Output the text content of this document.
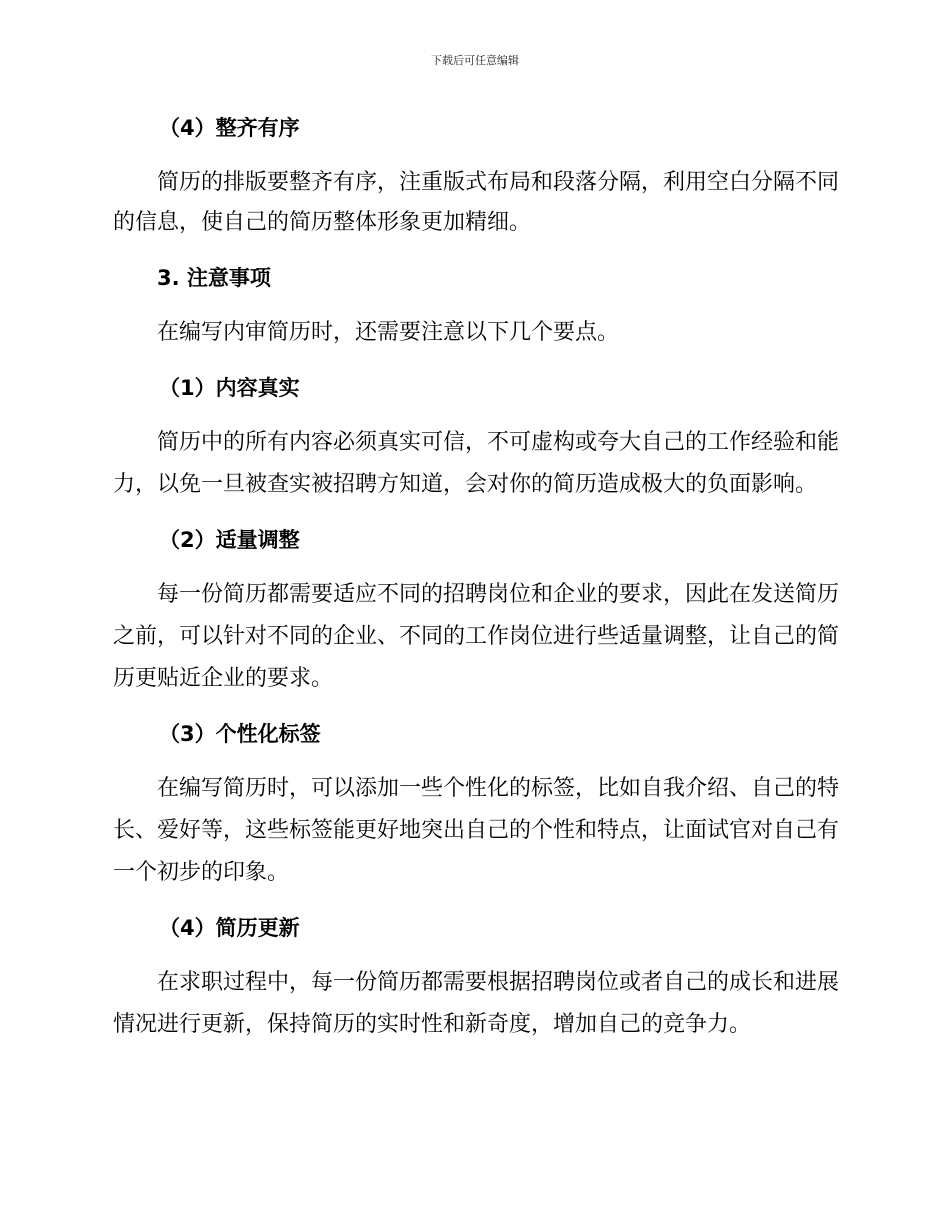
下载后可任意编辑
（4）整齐有序
简历的排版要整齐有序，注重版式布局和段落分隔，利用空白分隔不同
的信息，使自己的简历整体形象更加精细。
3. 注意事项
在编写内审简历时，还需要注意以下几个要点。
（1）内容真实
简历中的所有内容必须真实可信，不可虚构或夸大自己的工作经验和能
力，以免一旦被查实被招聘方知道，会对你的简历造成极大的负面影响。
（2）适量调整
每一份简历都需要适应不同的招聘岗位和企业的要求，因此在发送简历
之前，可以针对不同的企业、不同的工作岗位进行些适量调整，让自己的简
历更贴近企业的要求。
（3）个性化标签
在编写简历时，可以添加一些个性化的标签，比如自我介绍、自己的特
长、爱好等，这些标签能更好地突出自己的个性和特点，让面试官对自己有
一个初步的印象。
（4）简历更新
在求职过程中，每一份简历都需要根据招聘岗位或者自己的成长和进展
情况进行更新，保持简历的实时性和新奇度，增加自己的竞争力。
